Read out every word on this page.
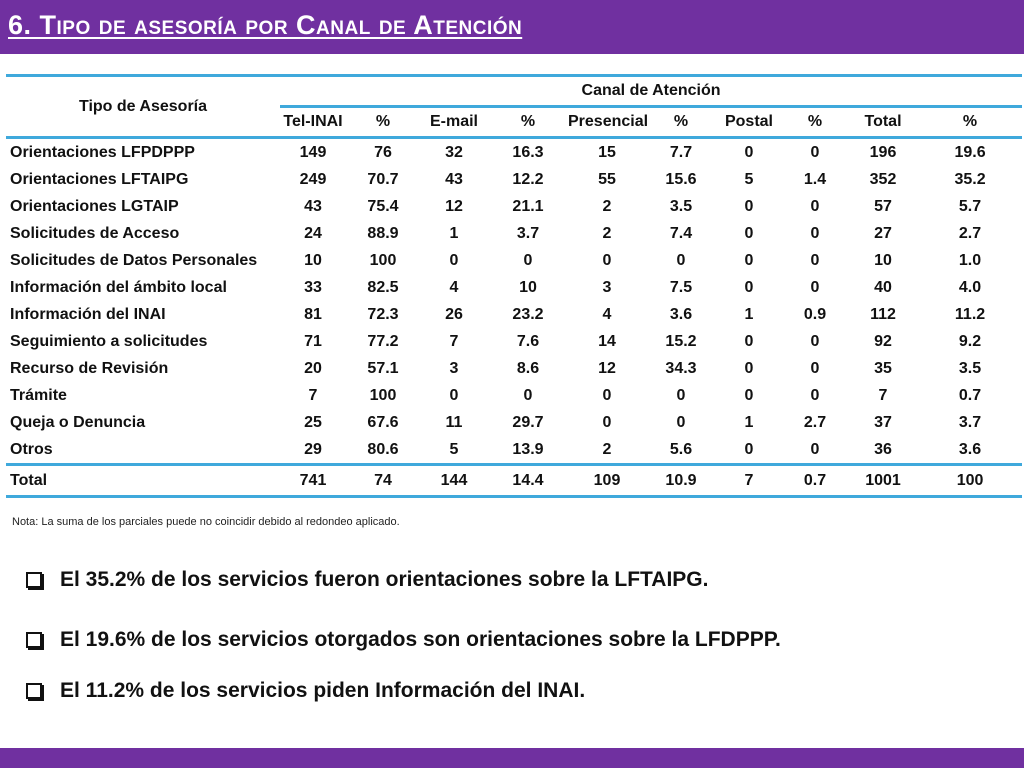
6. Tipo de asesoría por Canal de Atención
Tipo de Asesoría	Canal de Atención									
	Tel-INAI	%	E-mail	%	Presencial	%	Postal	%	Total	%
Orientaciones LFPDPPP	149	76	32	16.3	15	7.7	0	0	196	19.6
Orientaciones LFTAIPG	249	70.7	43	12.2	55	15.6	5	1.4	352	35.2
Orientaciones LGTAIP	43	75.4	12	21.1	2	3.5	0	0	57	5.7
Solicitudes de Acceso	24	88.9	1	3.7	2	7.4	0	0	27	2.7
Solicitudes de Datos Personales	10	100	0	0	0	0	0	0	10	1.0
Información del ámbito local	33	82.5	4	10	3	7.5	0	0	40	4.0
Información del INAI	81	72.3	26	23.2	4	3.6	1	0.9	112	11.2
Seguimiento a solicitudes	71	77.2	7	7.6	14	15.2	0	0	92	9.2
Recurso de Revisión	20	57.1	3	8.6	12	34.3	0	0	35	3.5
Trámite	7	100	0	0	0	0	0	0	7	0.7
Queja o Denuncia	25	67.6	11	29.7	0	0	1	2.7	37	3.7
Otros	29	80.6	5	13.9	2	5.6	0	0	36	3.6
Total	741	74	144	14.4	109	10.9	7	0.7	1001	100
Nota: La suma de los parciales puede no coincidir debido al redondeo aplicado.
El 35.2% de los servicios fueron orientaciones sobre la LFTAIPG.
El 19.6% de los servicios otorgados son orientaciones sobre la LFDPPP.
El 11.2% de los servicios piden Información del INAI.
